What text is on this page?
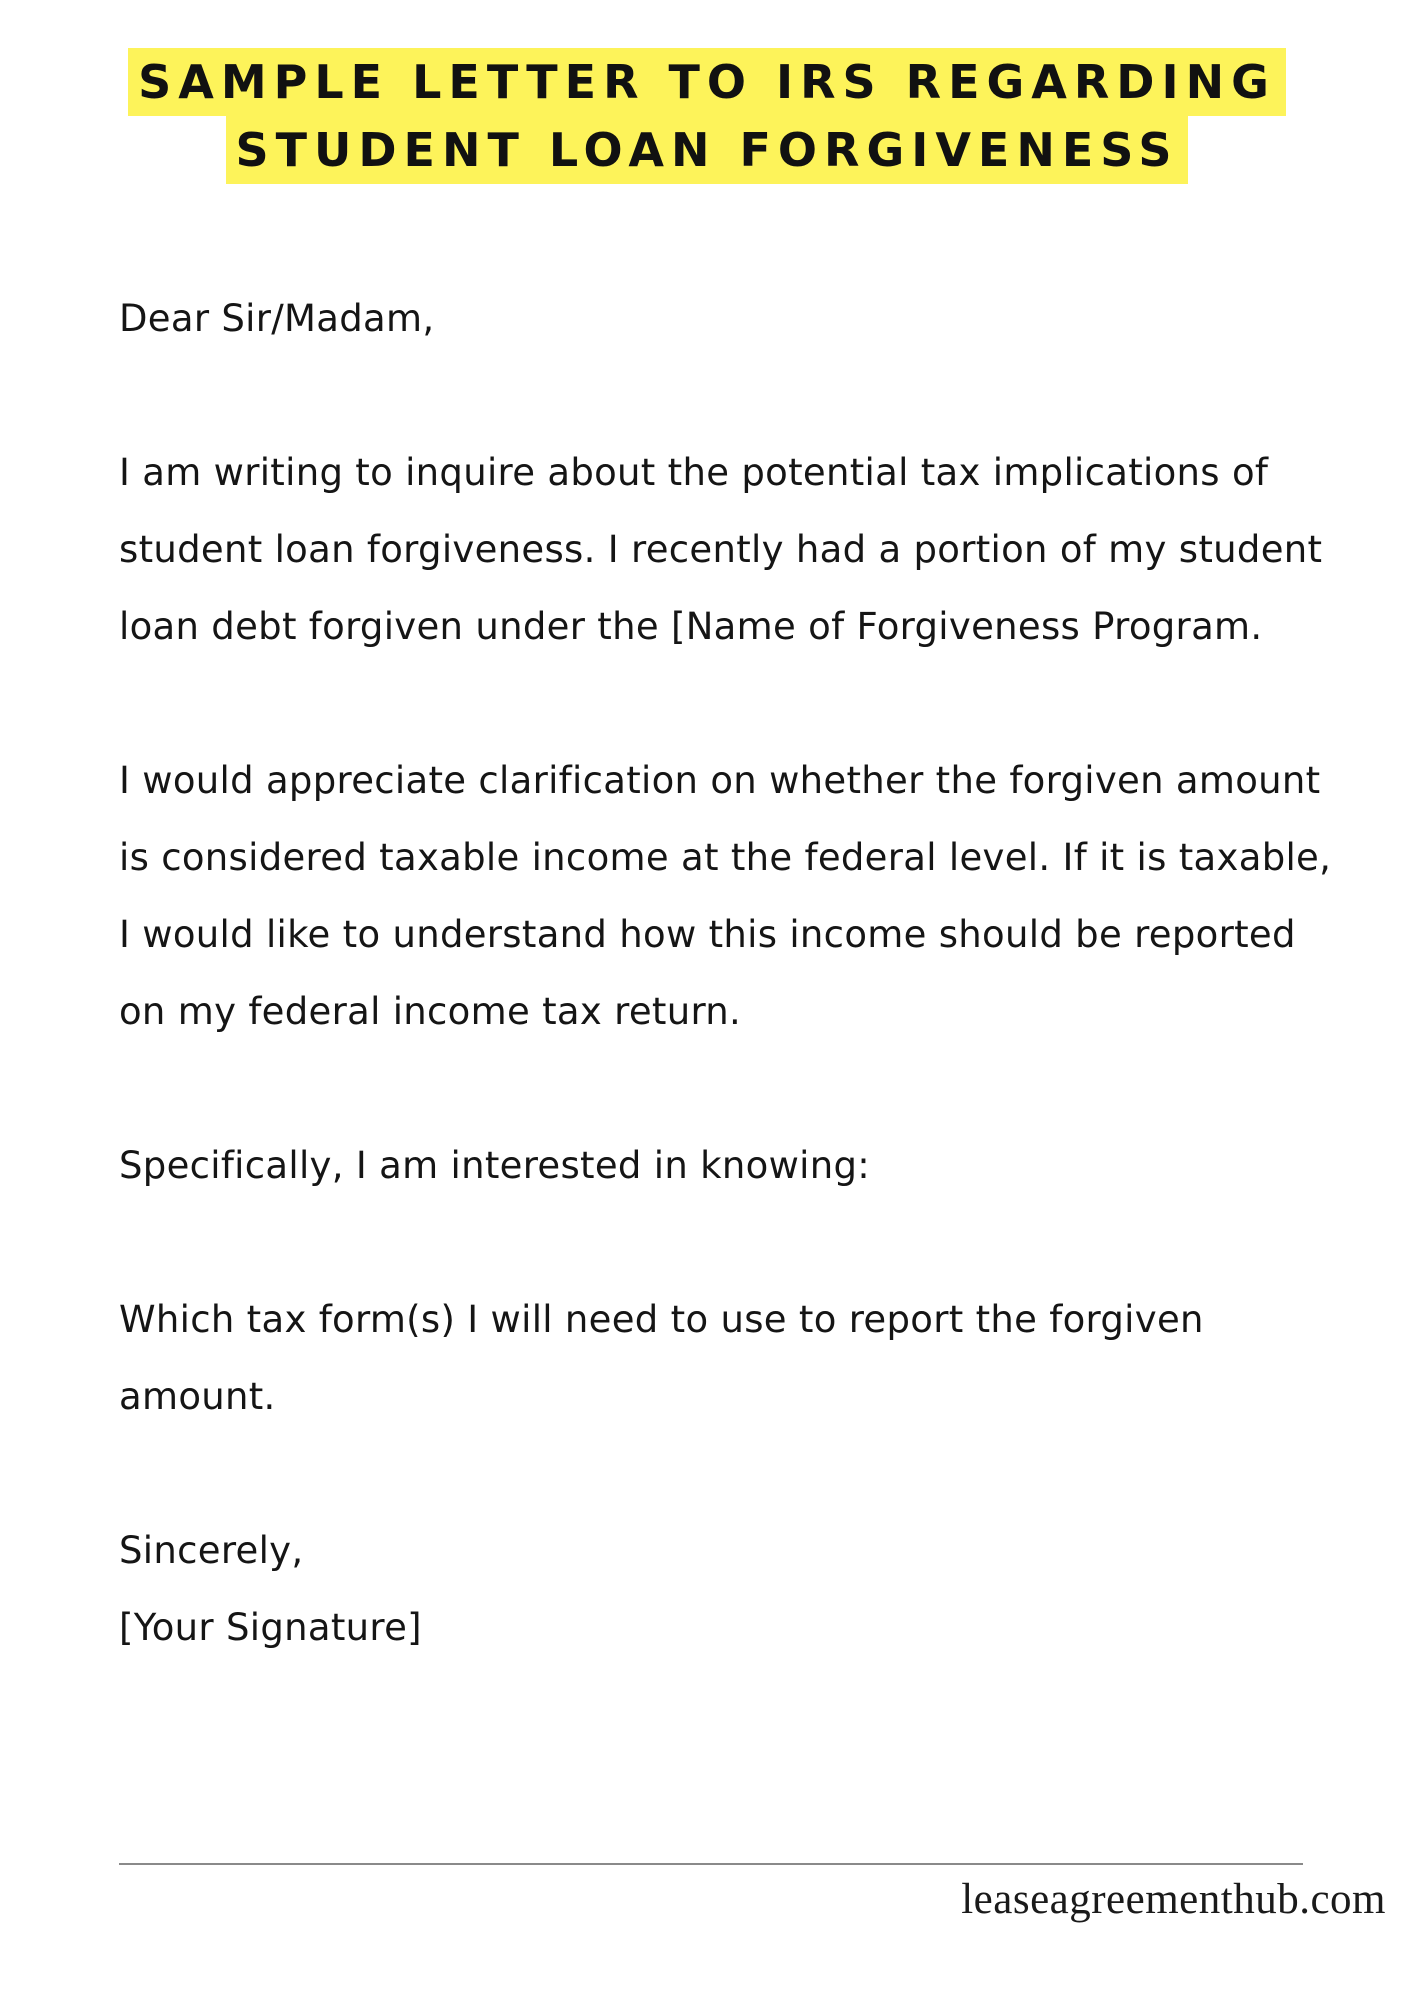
SAMPLE LETTER TO IRS REGARDING
STUDENT LOAN FORGIVENESS

Dear Sir/Madam,

I am writing to inquire about the potential tax implications of student loan forgiveness. I recently had a portion of my student loan debt forgiven under the [Name of Forgiveness Program.

I would appreciate clarification on whether the forgiven amount is considered taxable income at the federal level. If it is taxable, I would like to understand how this income should be reported on my federal income tax return.

Specifically, I am interested in knowing:

Which tax form(s) I will need to use to report the forgiven amount.

Sincerely,

[Your Signature]

leaseagreementhub.com
